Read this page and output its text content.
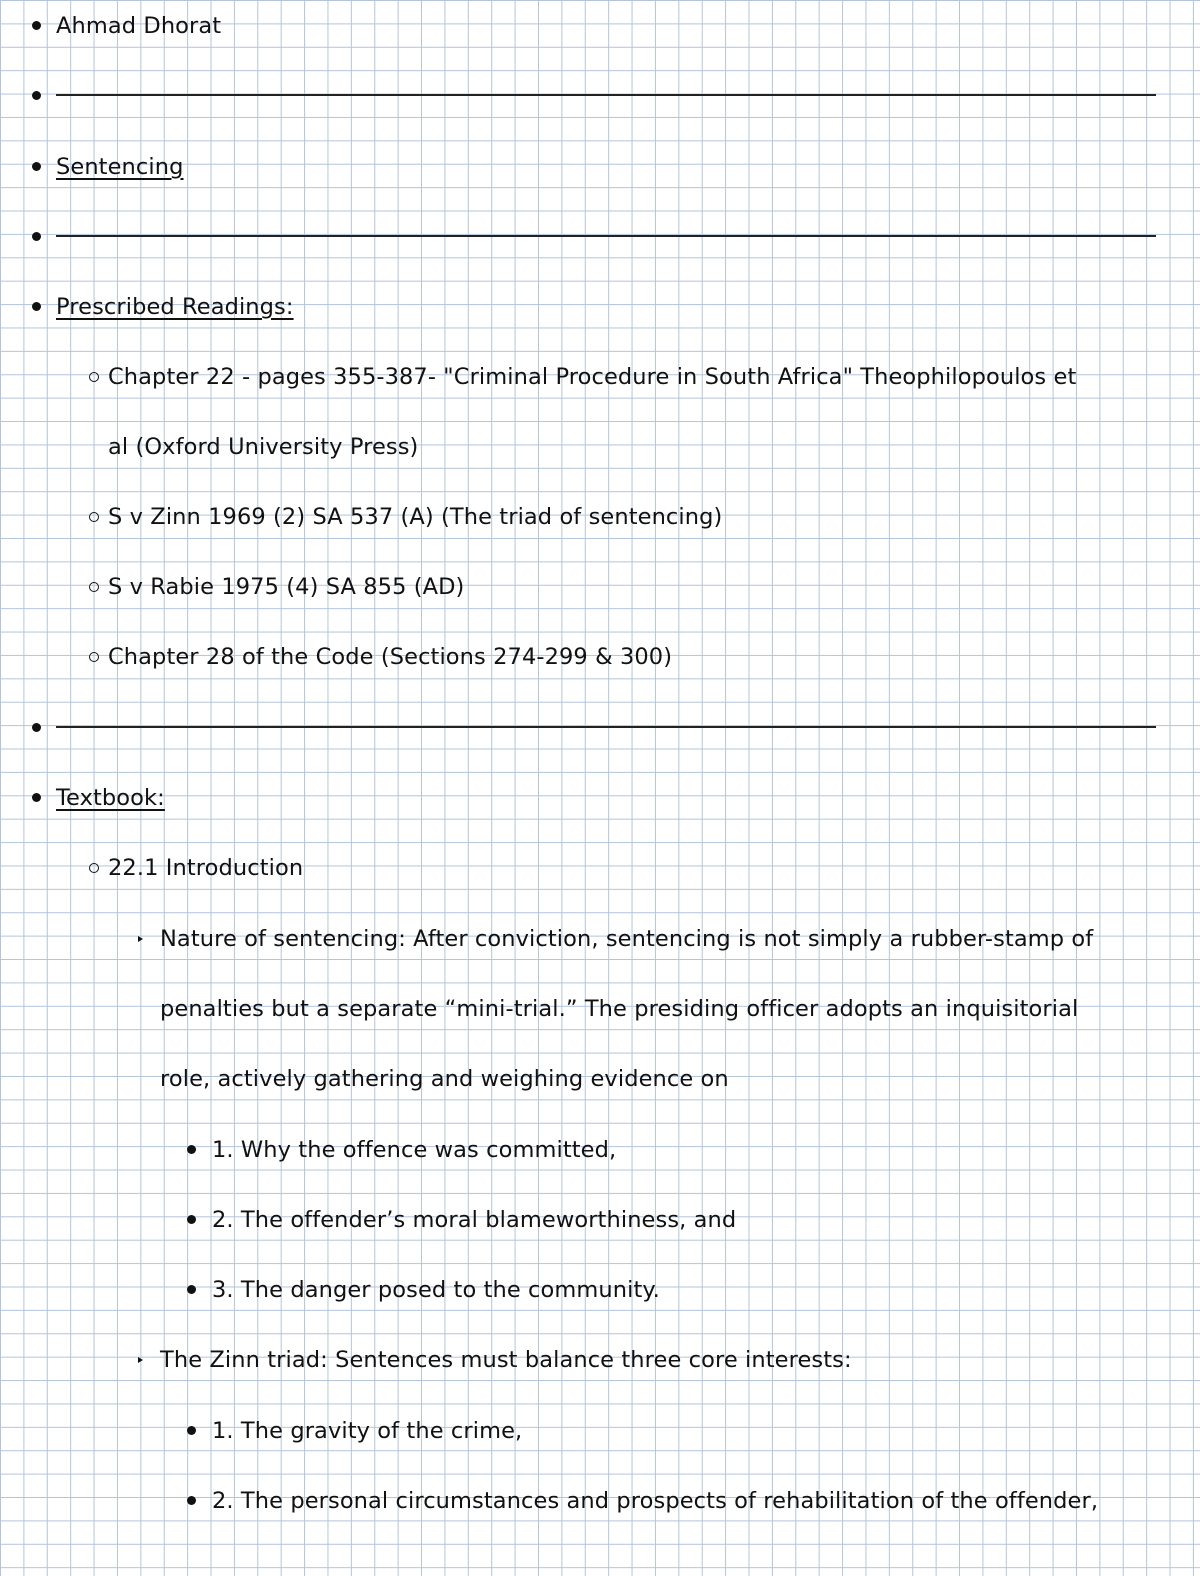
Ahmad Dhorat
Sentencing
Prescribed Readings:
Chapter 22 - pages 355-387- "Criminal Procedure in South Africa" Theophilopoulos et
al (Oxford University Press)
S v Zinn 1969 (2) SA 537 (A) (The triad of sentencing)
S v Rabie 1975 (4) SA 855 (AD)
Chapter 28 of the Code (Sections 274-299 & 300)
Textbook:
22.1 Introduction
Nature of sentencing: After conviction, sentencing is not simply a rubber-stamp of
penalties but a separate “mini-trial.” The presiding officer adopts an inquisitorial
role, actively gathering and weighing evidence on
1. Why the offence was committed,
2. The offender’s moral blameworthiness, and
3. The danger posed to the community.
The Zinn triad: Sentences must balance three core interests:
1. The gravity of the crime,
2. The personal circumstances and prospects of rehabilitation of the offender,
